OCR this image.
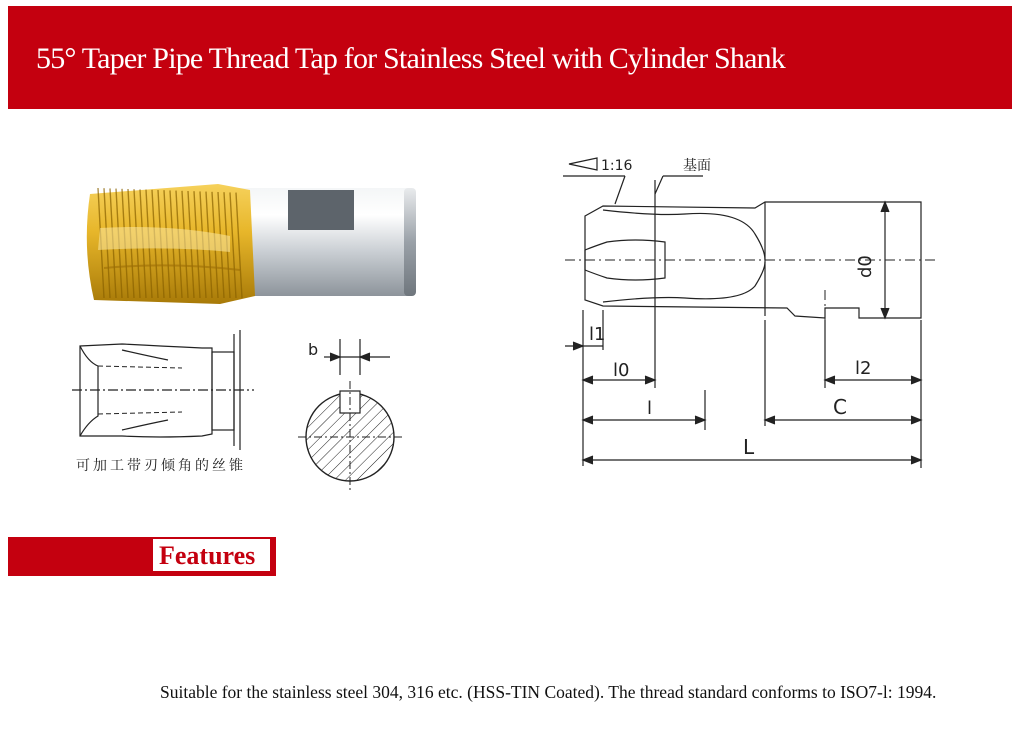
55° Taper Pipe Thread Tap for Stainless Steel with Cylinder Shank
可加工带刃倾角的丝锥
b
1:16	基面
d0
l1
l0
l
l2
C
L
Features

Suitable for the stainless steel 304, 316 etc. (HSS-TIN Coated). The thread standard conforms to ISO7-l: 1994.
